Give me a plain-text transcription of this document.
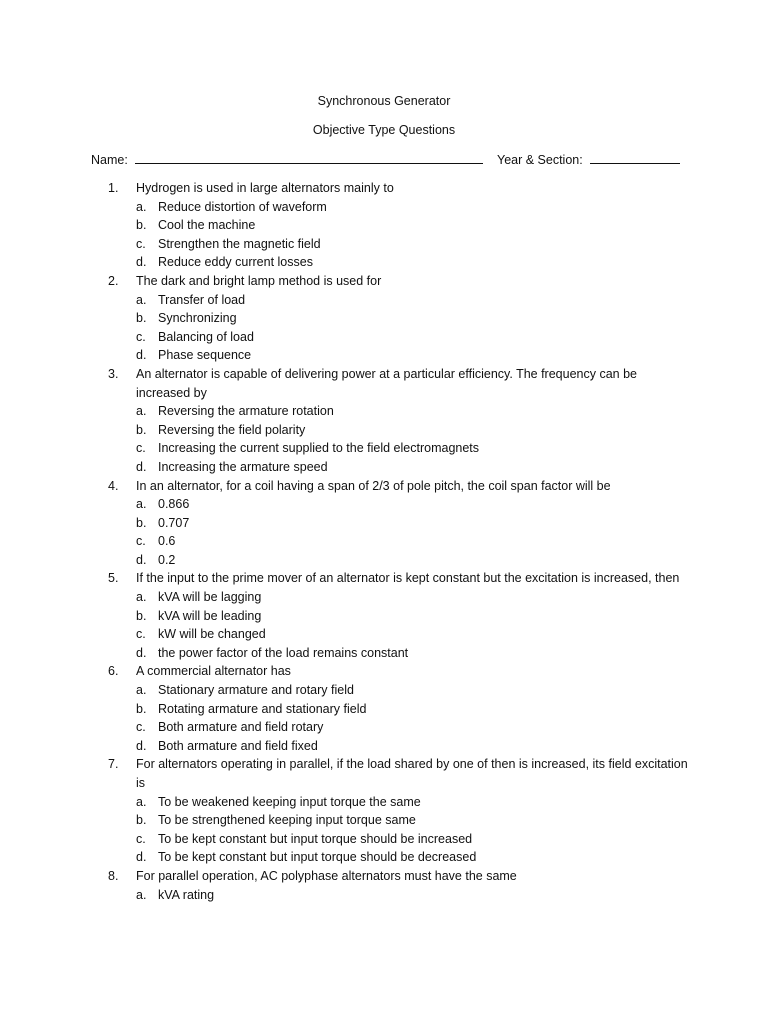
Synchronous Generator
Objective Type Questions
Name:	Year & Section:
1. Hydrogen is used in large alternators mainly to
a. Reduce distortion of waveform
b. Cool the machine
c. Strengthen the magnetic field
d. Reduce eddy current losses
2. The dark and bright lamp method is used for
a. Transfer of load
b. Synchronizing
c. Balancing of load
d. Phase sequence
3. An alternator is capable of delivering power at a particular efficiency. The frequency can be increased by
a. Reversing the armature rotation
b. Reversing the field polarity
c. Increasing the current supplied to the field electromagnets
d. Increasing the armature speed
4. In an alternator, for a coil having a span of 2/3 of pole pitch, the coil span factor will be
a. 0.866
b. 0.707
c. 0.6
d. 0.2
5. If the input to the prime mover of an alternator is kept constant but the excitation is increased, then
a. kVA will be lagging
b. kVA will be leading
c. kW will be changed
d. the power factor of the load remains constant
6. A commercial alternator has
a. Stationary armature and rotary field
b. Rotating armature and stationary field
c. Both armature and field rotary
d. Both armature and field fixed
7. For alternators operating in parallel, if the load shared by one of then is increased, its field excitation is
a. To be weakened keeping input torque the same
b. To be strengthened keeping input torque same
c. To be kept constant but input torque should be increased
d. To be kept constant but input torque should be decreased
8. For parallel operation, AC polyphase alternators must have the same
a. kVA rating
